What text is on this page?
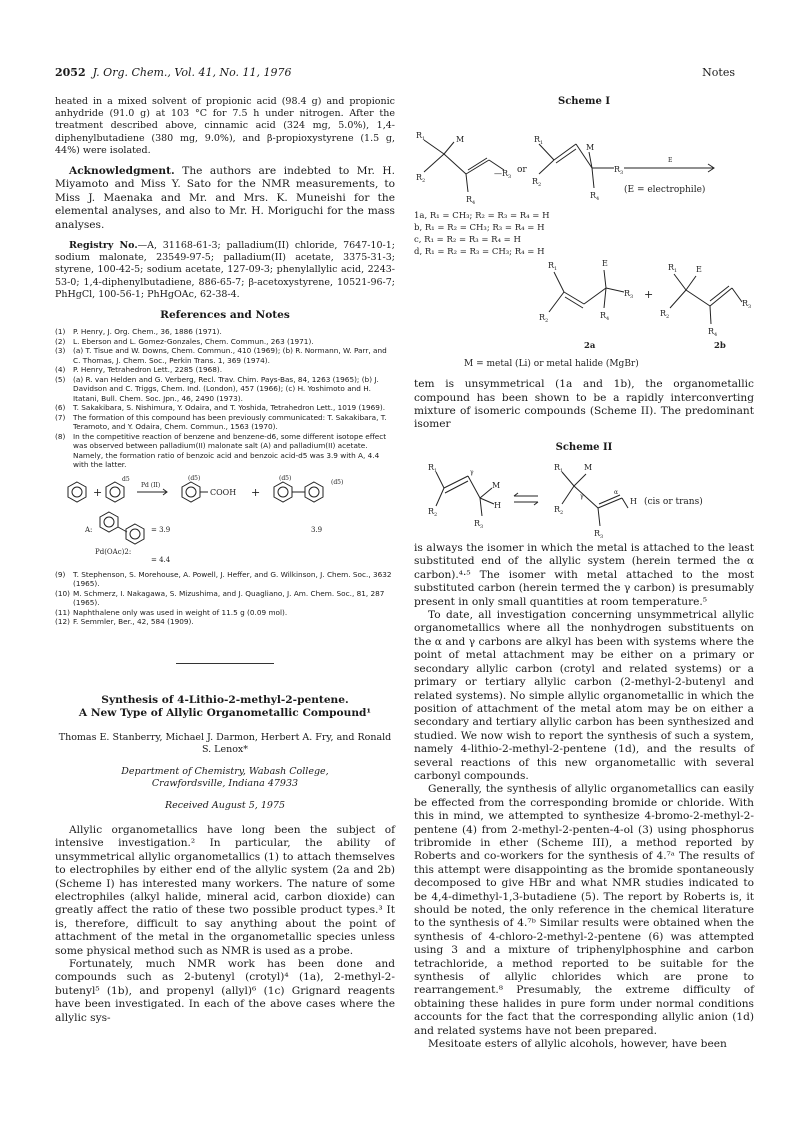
2052 J. Org. Chem., Vol. 41, No. 11, 1976	Notes

heated in a mixed solvent of propionic acid (98.4 g) and propionic anhydride (91.0 g) at 103 °C for 7.5 h under nitrogen. After the treatment described above, cinnamic acid (324 mg, 5.0%), 1,4-diphenylbutadiene (380 mg, 9.0%), and β-propioxystyrene (1.5 g, 44%) were isolated.

Acknowledgment. The authors are indebted to Mr. H. Miyamoto and Miss Y. Sato for the NMR measurements, to Miss J. Maenaka and Mr. and Mrs. K. Muneishi for the elemental analyses, and also to Mr. H. Moriguchi for the mass analyses.

Registry No.—A, 31168-61-3; palladium(II) chloride, 7647-10-1; sodium malonate, 23549-97-5; palladium(II) acetate, 3375-31-3; styrene, 100-42-5; sodium acetate, 127-09-3; phenylallylic acid, 2243-53-0; 1,4-diphenylbutadiene, 886-65-7; β-acetoxystyrene, 10521-96-7; PhHgCl, 100-56-1; PhHgOAc, 62-38-4.

References and Notes
(1) P. Henry, J. Org. Chem., 36, 1886 (1971).
(2) L. Eberson and L. Gomez-Gonzales, Chem. Commun., 263 (1971).
(3) (a) T. Tisue and W. Downs, Chem. Commun., 410 (1969); (b) R. Normann, W. Parr, and C. Thomas, J. Chem. Soc., Perkin Trans. 1, 369 (1974).
(4) P. Henry, Tetrahedron Lett., 2285 (1968).
(5) (a) R. van Helden and G. Verberg, Recl. Trav. Chim. Pays-Bas, 84, 1263 (1965); (b) J. Davidson and C. Triggs, Chem. Ind. (London), 457 (1966); (c) H. Yoshimoto and H. Itatani, Bull. Chem. Soc. Jpn., 46, 2490 (1973).
(6) T. Sakakibara, S. Nishimura, Y. Odaira, and T. Yoshida, Tetrahedron Lett., 1019 (1969).
(7) The formation of this compound has been previously communicated: T. Sakakibara, T. Teramoto, and Y. Odaira, Chem. Commun., 1563 (1970).
(8) In the competitive reaction of benzene and benzene-d6, some different isotope effect was observed between palladium(II) malonate salt (A) and palladium(II) acetate. Namely, the formation ratio of benzoic acid and benzoic acid-d5 was 3.9 with A, 4.4 with the latter.
+	+
d5
Pd (II)
(d5)
COOH
(d5)
(d5)
A:	= 3.9	3.9
Pd(OAc)2:
= 4.4
(9) T. Stephenson, S. Morehouse, A. Powell, J. Heffer, and G. Wilkinson, J. Chem. Soc., 3632 (1965).
(10) M. Schmerz, I. Nakagawa, S. Mizushima, and J. Quagliano, J. Am. Chem. Soc., 81, 287 (1965).
(11) Naphthalene only was used in weight of 11.5 g (0.09 mol).
(12) F. Semmler, Ber., 42, 584 (1909).
Synthesis of 4-Lithio-2-methyl-2-pentene.
A New Type of Allylic Organometallic Compound¹
Thomas E. Stanberry, Michael J. Darmon, Herbert A. Fry, and Ronald S. Lenox*
Department of Chemistry, Wabash College,
Crawfordsville, Indiana 47933
Received August 5, 1975

Allylic organometallics have long been the subject of intensive investigation.² In particular, the ability of unsymmetrical allylic organometallics (1) to attach themselves to electrophiles by either end of the allylic system (2a and 2b) (Scheme I) has interested many workers. The nature of some electrophiles (alkyl halide, mineral acid, carbon dioxide) can greatly affect the ratio of these two possible product types.³ It is, therefore, difficult to say anything about the point of attachment of the metal in the organometallic species unless some physical method such as NMR is used as a probe.

Fortunately, much NMR work has been done and compounds such as 2-butenyl (crotyl)⁴ (1a), 2-methyl-2-butenyl⁵ (1b), and propenyl (allyl)⁶ (1c) Grignard reagents have been investigated. In each of the above cases where the allylic sys-

Scheme I
$R_1$	M
$R_2$
$—R_3$
$R_4$
$R_1$
$R_2$
M
$R_3$
$R_4$
$R_1$
$R_2$
E
$R_3$
$R_4$
$R_1$ E
$R_2$
$R_3$
$R_4$
or
E
(E = electrophile)
1a, R₁ = CH₃; R₂ = R₃ = R₄ = H
b, R₁ = R₂ = CH₃; R₃ = R₄ = H
c, R₁ = R₂ = R₃ = R₄ = H
d, R₁ = R₂ = R₃ = CH₃; R₄ = H
+
2a	2b
M = metal (Li) or metal halide (MgBr)

tem is unsymmetrical (1a and 1b), the organometallic compound has been shown to be a rapidly interconverting mixture of isomeric compounds (Scheme II). The predominant isomer

Scheme II
$R_1$
$R_2$
γ
M
H
$R_3$
$R_1$	M
$R_2$
γ
α
H
$R_3$
(cis or trans)

is always the isomer in which the metal is attached to the least substituted end of the allylic system (herein termed the α carbon).⁴·⁵ The isomer with metal attached to the most substituted carbon (herein termed the γ carbon) is presumably present in only small quantities at room temperature.⁵

To date, all investigation concerning unsymmetrical allylic organometallics where all the nonhydrogen substituents on the α and γ carbons are alkyl has been with systems where the point of metal attachment may be either on a primary or secondary allylic carbon (crotyl and related systems) or a primary or tertiary allylic carbon (2-methyl-2-butenyl and related systems). No simple allylic organometallic in which the position of attachment of the metal atom may be on either a secondary and tertiary allylic carbon has been synthesized and studied. We now wish to report the synthesis of such a system, namely 4-lithio-2-methyl-2-pentene (1d), and the results of several reactions of this new organometallic with several carbonyl compounds.

Generally, the synthesis of allylic organometallics can easily be effected from the corresponding bromide or chloride. With this in mind, we attempted to synthesize 4-bromo-2-methyl-2-pentene (4) from 2-methyl-2-penten-4-ol (3) using phosphorus tribromide in ether (Scheme III), a method reported by Roberts and co-workers for the synthesis of 4.⁷ᵃ The results of this attempt were disappointing as the bromide spontaneously decomposed to give HBr and what NMR studies indicated to be 4,4-dimethyl-1,3-butadiene (5). The report by Roberts is, it should be noted, the only reference in the chemical literature to the synthesis of 4.⁷ᵇ Similar results were obtained when the synthesis of 4-chloro-2-methyl-2-pentene (6) was attempted using 3 and a mixture of triphenylphosphine and carbon tetrachloride, a method reported to be suitable for the synthesis of allylic chlorides which are prone to rearrangement.⁸ Presumably, the extreme difficulty of obtaining these halides in pure form under normal conditions accounts for the fact that the corresponding allylic anion (1d) and related systems have not been prepared.

Mesitoate esters of allylic alcohols, however, have been
